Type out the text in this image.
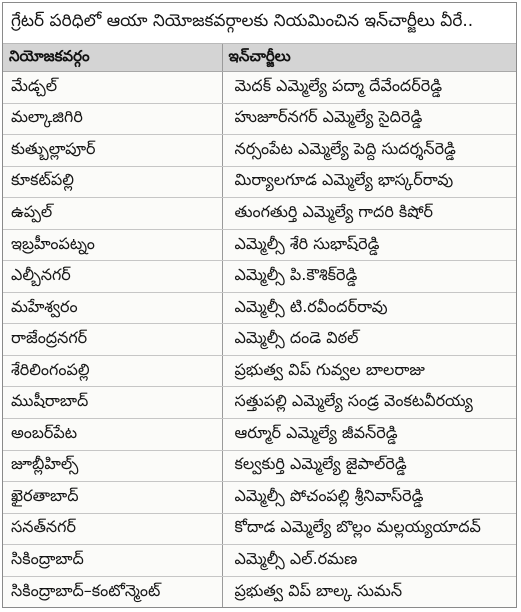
గ్రేటర్ పరిధిలో ఆయా నియోజకవర్గాలకు నియమించిన ఇన్‌చార్జీలు వీరే..
నియోజకవర్గం	ఇన్‌చార్జీలు
మేడ్చల్	మెదక్ ఎమ్మెల్యే పద్మా దేవేందర్‌రెడ్డి
మల్కాజిగిరి	హుజూర్‌నగర్ ఎమ్మెల్యే సైదిరెడ్డి
కుత్బుల్లాపూర్	నర్సంపేట ఎమ్మెల్యే పెద్ది సుదర్శన్‌రెడ్డి
కూకట్‌పల్లి	మిర్యాలగూడ ఎమ్మెల్యే భాస్కర్‌రావు
ఉప్పల్	తుంగతుర్తి ఎమ్మెల్యే గాదరి కిషోర్
ఇబ్రహీంపట్నం	ఎమ్మెల్సీ శేరి సుభాష్‌రెడ్డి
ఎల్బీనగర్	ఎమ్మెల్సీ పి.కౌశిక్‌రెడ్డి
మహేశ్వరం	ఎమ్మెల్సీ టి.రవీందర్‌రావు
రాజేంద్రనగర్	ఎమ్మెల్సీ దండె విఠల్
శేరిలింగంపల్లి	ప్రభుత్వ విప్ గువ్వల బాలరాజు
ముషీరాబాద్	సత్తుపల్లి ఎమ్మెల్యే సండ్ర వెంకటవీరయ్య
అంబర్‌పేట	ఆర్మూర్ ఎమ్మెల్యే జీవన్‌రెడ్డి
జూబ్లీహిల్స్	కల్వకుర్తి ఎమ్మెల్యే జైపాల్‌రెడ్డి
ఖైరతాబాద్	ఎమ్మెల్సీ పోచంపల్లి శ్రీనివాస్‌రెడ్డి
సనత్‌నగర్	కోదాడ ఎమ్మెల్యే బొల్లం మల్లయ్యయాదవ్
సికింద్రాబాద్	ఎమ్మెల్సీ ఎల్.రమణ
సికింద్రాబాద్–కంటోన్మెంట్	ప్రభుత్వ విప్ బాల్క సుమన్
